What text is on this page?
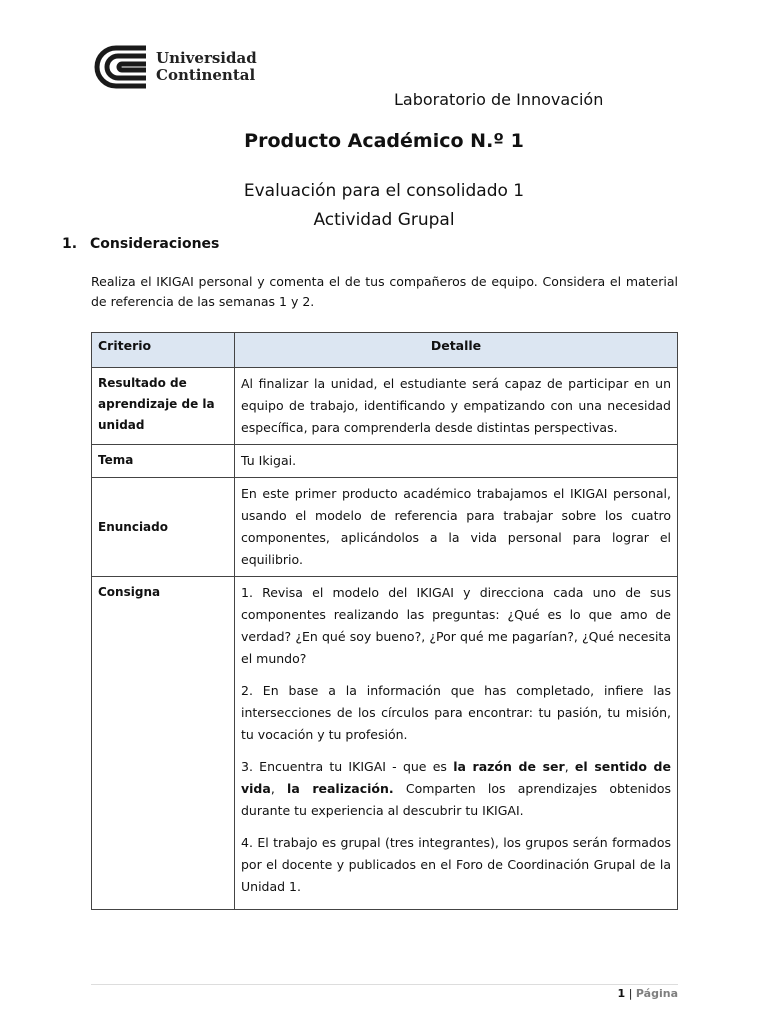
Universidad
Continental
Laboratorio de Innovación
Producto Académico N.º 1
Evaluación para el consolidado 1
Actividad Grupal
1. Consideraciones
Realiza el IKIGAI personal y comenta el de tus compañeros de equipo. Considera el material de referencia de las semanas 1 y 2.
Criterio	Detalle
Resultado de aprendizaje de la unidad	Al finalizar la unidad, el estudiante será capaz de participar en un equipo de trabajo, identificando y empatizando con una necesidad específica, para comprenderla desde distintas perspectivas.
Tema	Tu Ikigai.
Enunciado	En este primer producto académico trabajamos el IKIGAI personal, usando el modelo de referencia para trabajar sobre los cuatro componentes, aplicándolos a la vida personal para lograr el equilibrio.
Consigna	1. Revisa el modelo del IKIGAI y direcciona cada uno de sus componentes realizando las preguntas: ¿Qué es lo que amo de verdad? ¿En qué soy bueno?, ¿Por qué me pagarían?, ¿Qué necesita el mundo?

2. En base a la información que has completado, infiere las intersecciones de los círculos para encontrar: tu pasión, tu misión, tu vocación y tu profesión.

3. Encuentra tu IKIGAI - que es la razón de ser, el sentido de vida, la realización. Comparten los aprendizajes obtenidos durante tu experiencia al descubrir tu IKIGAI.

4. El trabajo es grupal (tres integrantes), los grupos serán formados por el docente y publicados en el Foro de Coordinación Grupal de la Unidad 1.

1 | Página
